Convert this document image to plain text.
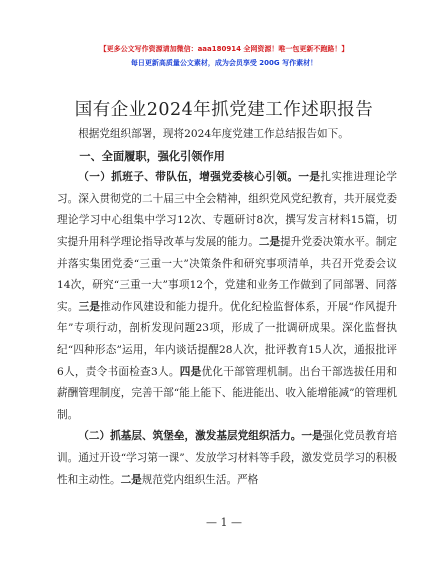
【更多公文写作资源请加微信：aaa180914 全网资源！唯一包更新不跑路！】
每日更新高质量公文素材，成为会员享受 200G 写作素材！
国有企业2024年抓党建工作述职报告

根据党组织部署，现将2024年度党建工作总结报告如下。

一、全面履职，强化引领作用

（一）抓班子、带队伍，增强党委核心引领。一是扎实推进理论学习。深入贯彻党的二十届三中全会精神，组织党风党纪教育，共开展党委理论学习中心组集中学习12次、专题研讨8次，撰写发言材料15篇，切实提升用科学理论指导改革与发展的能力。二是提升党委决策水平。制定并落实集团党委“三重一大”决策条件和研究事项清单，共召开党委会议14次，研究“三重一大”事项12个，党建和业务工作做到了同部署、同落实。三是推动作风建设和能力提升。优化纪检监督体系，开展“作风提升年”专项行动，剖析发现问题23项，形成了一批调研成果。深化监督执纪“四种形态”运用，年内谈话提醒28人次，批评教育15人次，通报批评6人，责令书面检查3人。四是优化干部管理机制。出台干部选拔任用和薪酬管理制度，完善干部“能上能下、能进能出、收入能增能减”的管理机制。

（二）抓基层、筑堡垒，激发基层党组织活力。一是强化党员教育培训。通过开设“学习第一课”、发放学习材料等手段，激发党员学习的积极性和主动性。二是规范党内组织生活。严格

— 1 —
